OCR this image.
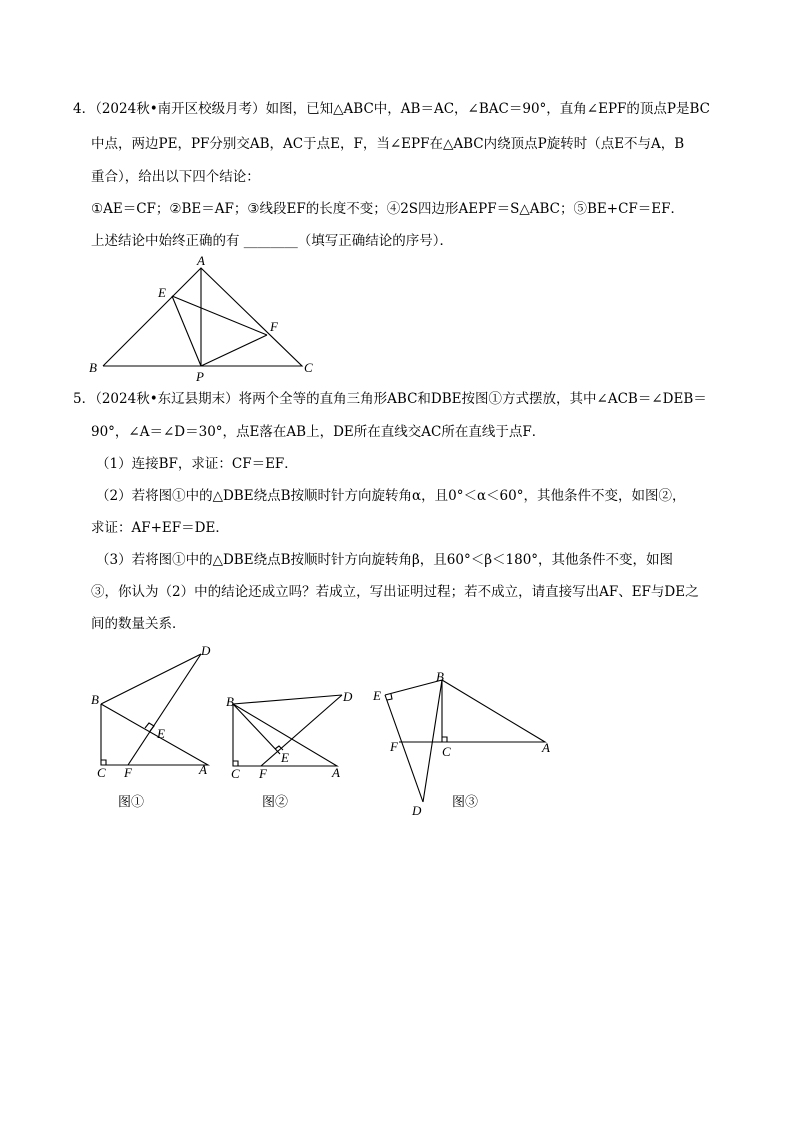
4．（2024秋•南开区校级月考）如图，已知△ABC中，AB＝AC，∠BAC＝90°，直角∠EPF的顶点P是BC
中点，两边PE，PF分别交AB，AC于点E，F，当∠EPF在△ABC内绕顶点P旋转时（点E不与A，B
重合），给出以下四个结论：
①AE＝CF；②BE＝AF；③线段EF的长度不变；④2S四边形AEPF＝S△ABC；⑤BE+CF＝EF．
上述结论中始终正确的有 ________（填写正确结论的序号）．
A
E
F
B
P
C
5．（2024秋•东辽县期末）将两个全等的直角三角形ABC和DBE按图①方式摆放，其中∠ACB＝∠DEB＝
90°，∠A＝∠D＝30°，点E落在AB上，DE所在直线交AC所在直线于点F．
（1）连接BF，求证：CF＝EF．
（2）若将图①中的△DBE绕点B按顺时针方向旋转角α，且0°＜α＜60°，其他条件不变，如图②，
求证：AF+EF＝DE．
（3）若将图①中的△DBE绕点B按顺时针方向旋转角β，且60°＜β＜180°，其他条件不变，如图
③，你认为（2）中的结论还成立吗？若成立，写出证明过程；若不成立，请直接写出AF、EF与DE之
间的数量关系．
D
B
E
C F	A
B	D
E
C F	A
B
E
F	C	A
D
图①	图②	图③
